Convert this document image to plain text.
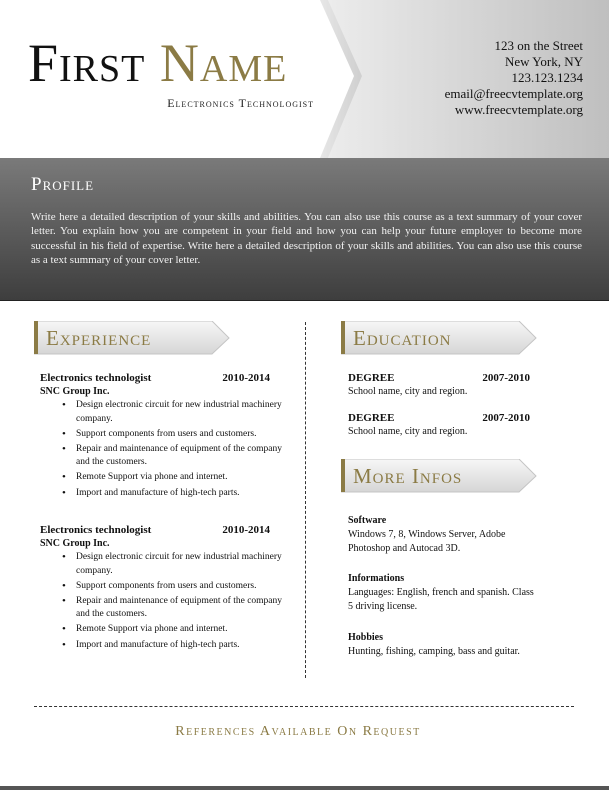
First Name
Electronics Technologist
123 on the Street
New York, NY
123.123.1234
email@freecvtemplate.org
www.freecvtemplate.org
Profile
Write here a detailed description of your skills and abilities. You can also use this course as a text summary of your cover letter. You explain how you are competent in your field and how you can help your future employer to become more successful in his field of expertise. Write here a detailed description of your skills and abilities. You can also use this course as a text summary of your cover letter.
Experience
Electronics technologist	2010-2014
SNC Group Inc.
• Design electronic circuit for new industrial machinery company.
• Support components from users and customers.
• Repair and maintenance of equipment of the company and the customers.
• Remote Support via phone and internet.
• Import and manufacture of high-tech parts.
Electronics technologist	2010-2014
SNC Group Inc.
• Design electronic circuit for new industrial machinery company.
• Support components from users and customers.
• Repair and maintenance of equipment of the company and the customers.
• Remote Support via phone and internet.
• Import and manufacture of high-tech parts.
Education
DEGREE	2007-2010
School name, city and region.
DEGREE	2007-2010
School name, city and region.
More Infos
Software
Windows 7, 8, Windows Server, Adobe Photoshop and Autocad 3D.
Informations
Languages: English, french and spanish. Class 5 driving license.
Hobbies
Hunting, fishing, camping, bass and guitar.
References Available On Request
